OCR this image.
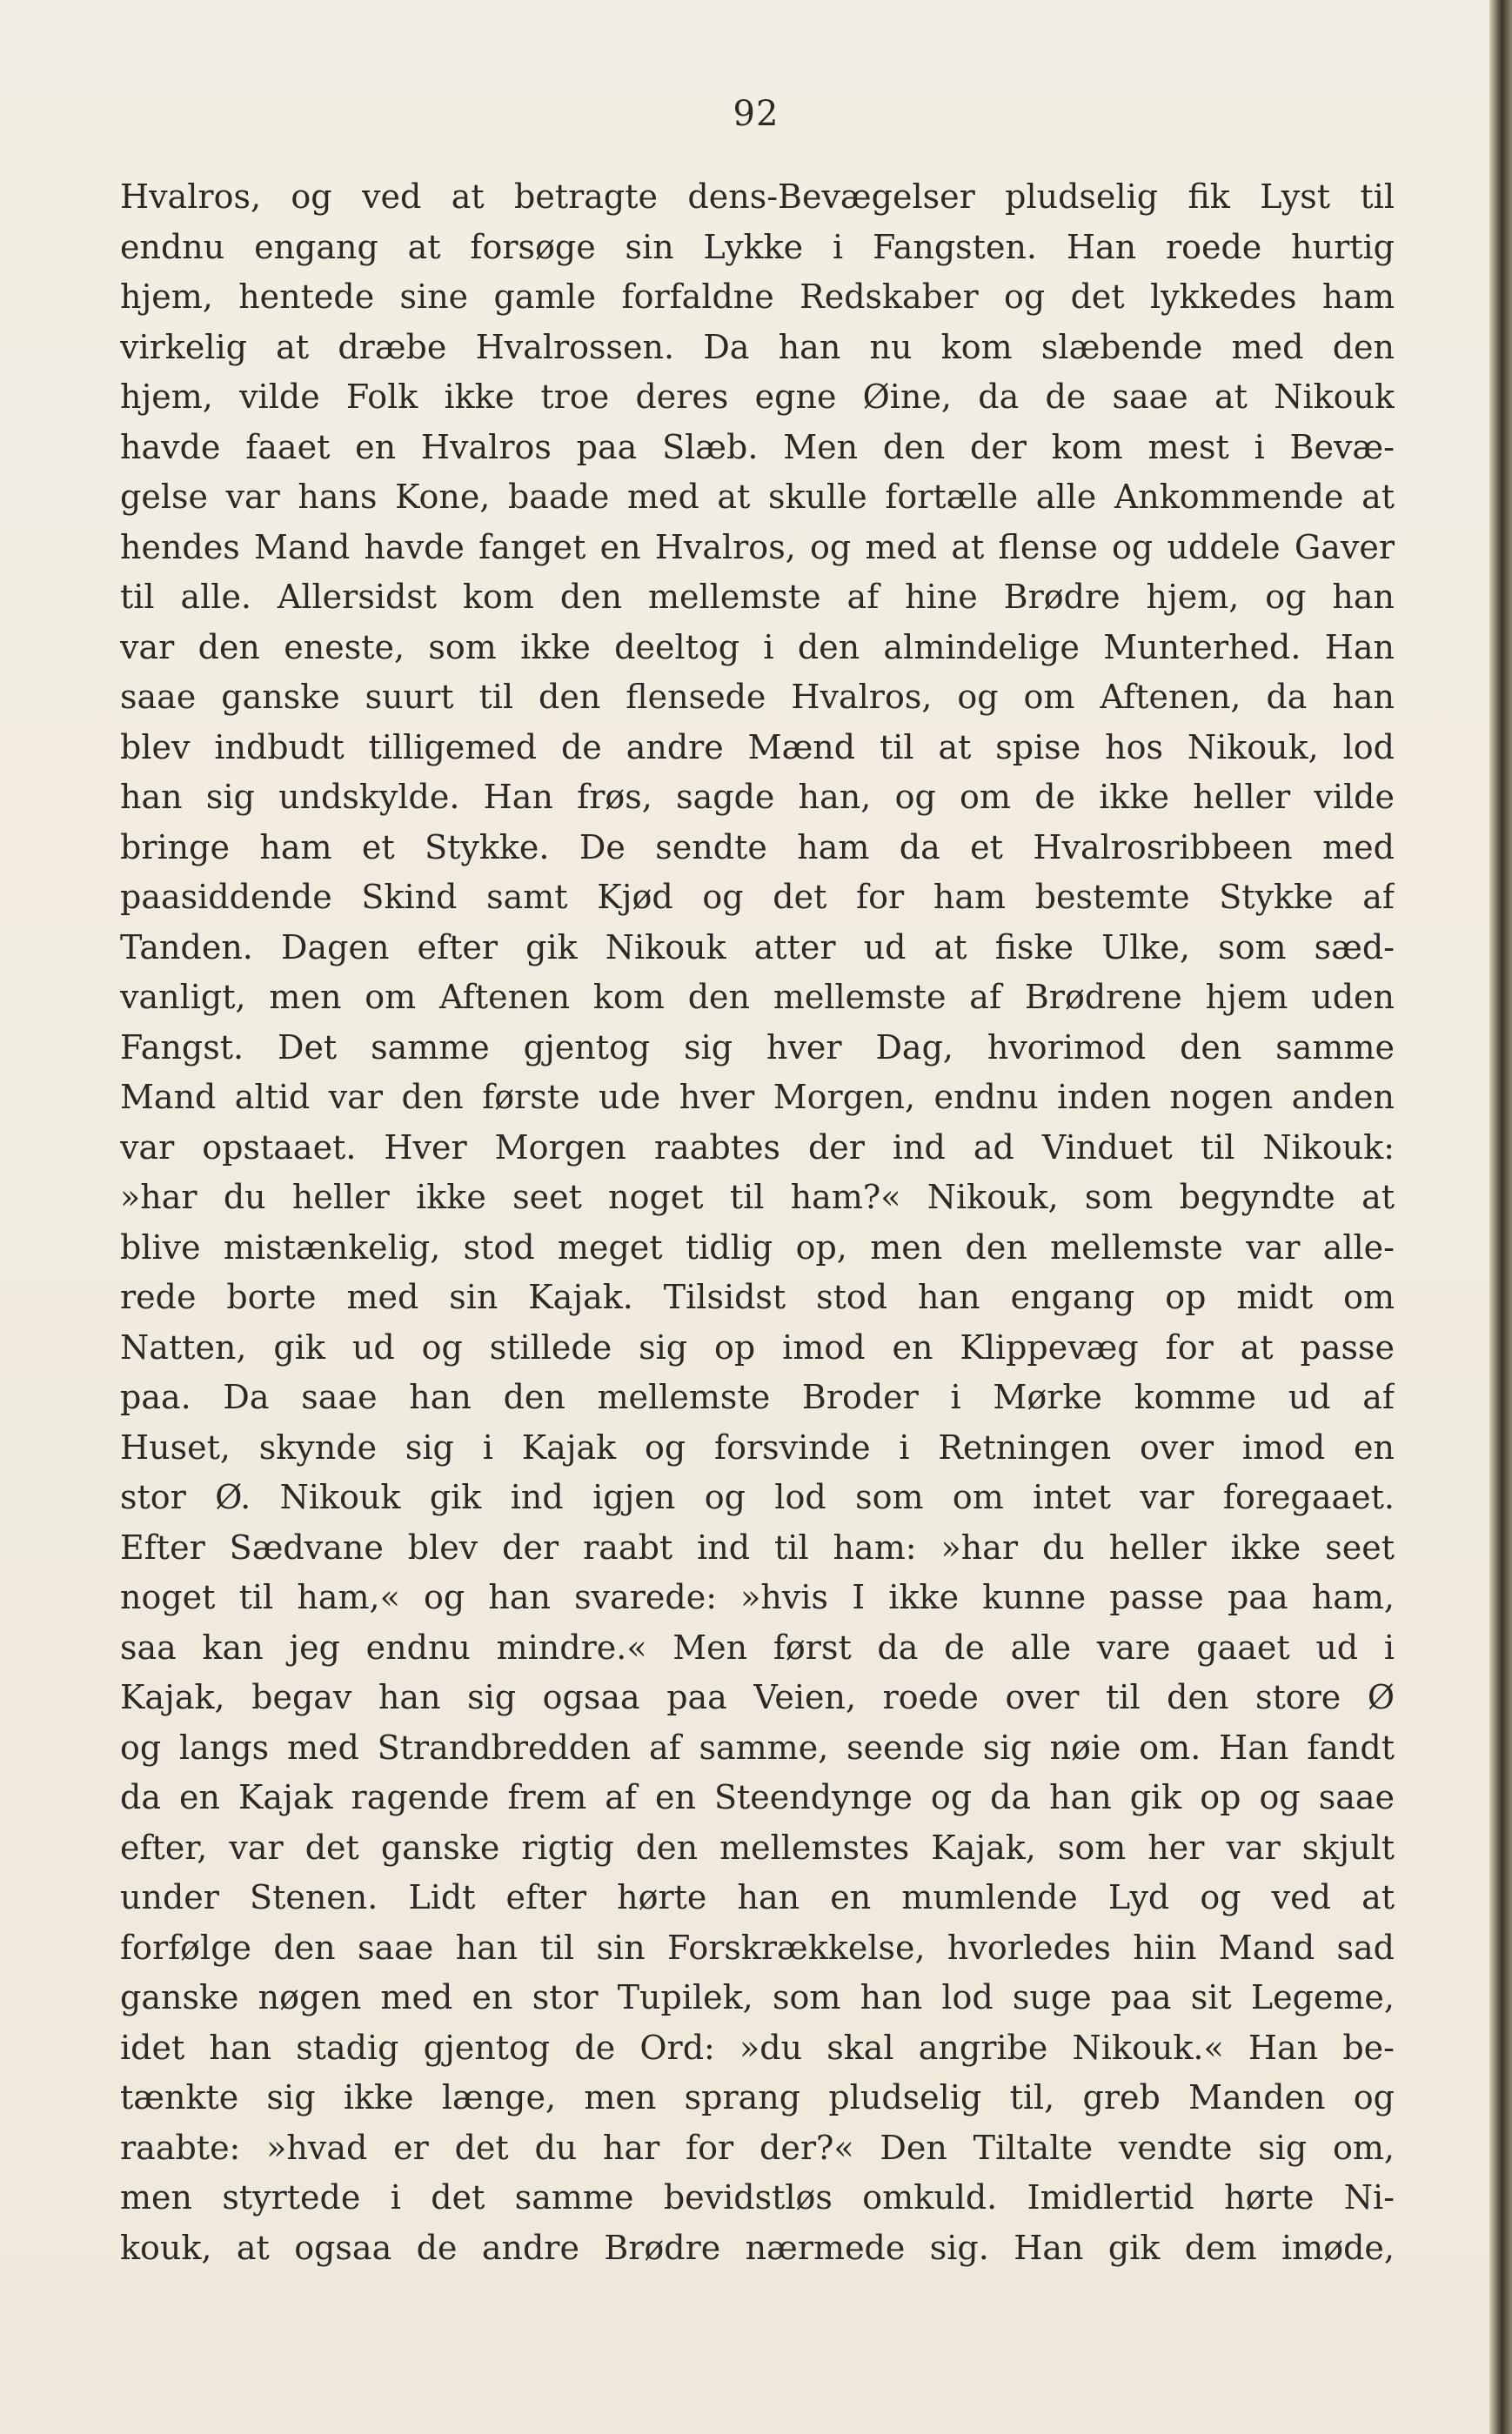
92
Hvalros, og ved at betragte dens-Bevægelser pludselig fik Lyst til
endnu engang at forsøge sin Lykke i Fangsten. Han roede hurtig
hjem, hentede sine gamle forfaldne Redskaber og det lykkedes ham
virkelig at dræbe Hvalrossen. Da han nu kom slæbende med den
hjem, vilde Folk ikke troe deres egne Øine, da de saae at Nikouk
havde faaet en Hvalros paa Slæb. Men den der kom mest i Bevæ-
gelse var hans Kone, baade med at skulle fortælle alle Ankommende at
hendes Mand havde fanget en Hvalros, og med at flense og uddele Gaver
til alle. Allersidst kom den mellemste af hine Brødre hjem, og han
var den eneste, som ikke deeltog i den almindelige Munterhed. Han
saae ganske suurt til den flensede Hvalros, og om Aftenen, da han
blev indbudt tilligemed de andre Mænd til at spise hos Nikouk, lod
han sig undskylde. Han frøs, sagde han, og om de ikke heller vilde
bringe ham et Stykke. De sendte ham da et Hvalrosribbeen med
paasiddende Skind samt Kjød og det for ham bestemte Stykke af
Tanden. Dagen efter gik Nikouk atter ud at fiske Ulke, som sæd-
vanligt, men om Aftenen kom den mellemste af Brødrene hjem uden
Fangst. Det samme gjentog sig hver Dag, hvorimod den samme
Mand altid var den første ude hver Morgen, endnu inden nogen anden
var opstaaet. Hver Morgen raabtes der ind ad Vinduet til Nikouk:
»har du heller ikke seet noget til ham?« Nikouk, som begyndte at
blive mistænkelig, stod meget tidlig op, men den mellemste var alle-
rede borte med sin Kajak. Tilsidst stod han engang op midt om
Natten, gik ud og stillede sig op imod en Klippevæg for at passe
paa. Da saae han den mellemste Broder i Mørke komme ud af
Huset, skynde sig i Kajak og forsvinde i Retningen over imod en
stor Ø. Nikouk gik ind igjen og lod som om intet var foregaaet.
Efter Sædvane blev der raabt ind til ham: »har du heller ikke seet
noget til ham,« og han svarede: »hvis I ikke kunne passe paa ham,
saa kan jeg endnu mindre.« Men først da de alle vare gaaet ud i
Kajak, begav han sig ogsaa paa Veien, roede over til den store Ø
og langs med Strandbredden af samme, seende sig nøie om. Han fandt
da en Kajak ragende frem af en Steendynge og da han gik op og saae
efter, var det ganske rigtig den mellemstes Kajak, som her var skjult
under Stenen. Lidt efter hørte han en mumlende Lyd og ved at
forfølge den saae han til sin Forskrækkelse, hvorledes hiin Mand sad
ganske nøgen med en stor Tupilek, som han lod suge paa sit Legeme,
idet han stadig gjentog de Ord: »du skal angribe Nikouk.« Han be-
tænkte sig ikke længe, men sprang pludselig til, greb Manden og
raabte: »hvad er det du har for der?« Den Tiltalte vendte sig om,
men styrtede i det samme bevidstløs omkuld. Imidlertid hørte Ni-
kouk, at ogsaa de andre Brødre nærmede sig. Han gik dem imøde,
